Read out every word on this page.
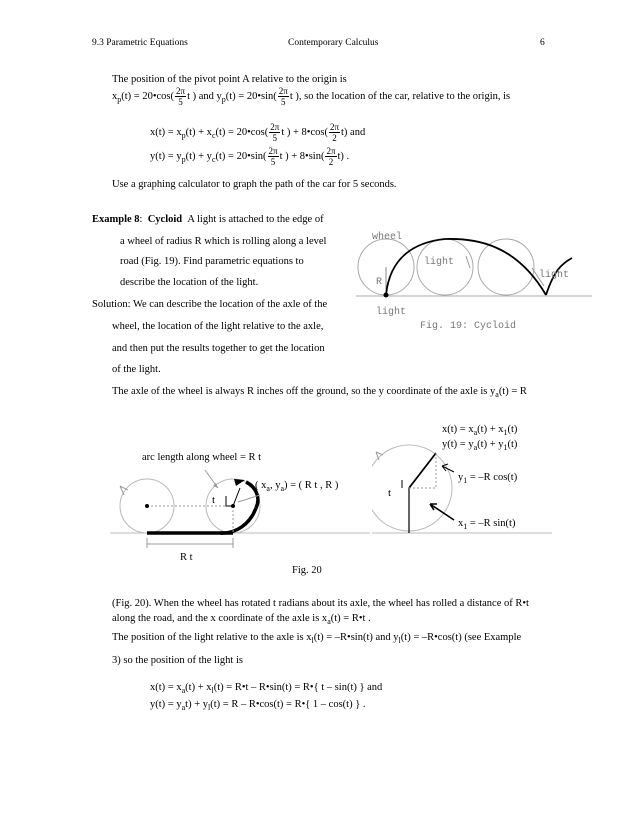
9.3 Parametric Equations	Contemporary Calculus	6
The position of the pivot point A relative to the origin is
$x_p(t)$ = 20•cos( $\frac{2\pi}{5}$ t ) and $y_p(t)$ = 20•sin( $\frac{2\pi}{5}$ t ), so the location of the car, relative to the origin, is
$x(t) = x_p(t) + x_c(t)$ = 20•cos( $\frac{2\pi}{5}$ t ) + 8•cos( $\frac{2\pi}{2} t$) and
$y(t) = y_p(t) + y_c(t)$ = 20•sin( $\frac{2\pi}{5}$ t ) + 8•sin( $\frac{2\pi}{2} t$) .
Use a graphing calculator to graph the path of the car for 5 seconds.
Example 8: Cycloid A light is attached to the edge of
a wheel of radius R which is rolling along a level
road (Fig. 19). Find parametric equations to
describe the location of the light.
wheel
light
light
R
light
Fig. 19: Cycloid
Solution: We can describe the location of the axle of the
wheel, the location of the light relative to the axle,
and then put the results together to get the location
of the light.
The axle of the wheel is always R inches off the ground, so the y coordinate of the axle is $y_a(t) = R$
arc length along wheel = R t
( $x_a$, $y_a$) = ( R t , R )
t
R t
t
$y_1 = -R$ cos(t)
$x_1 = -R$ sin(t)
$x(t) = x_a(t) + x_1(t)$
$y(t) = y_a(t) + y_1(t)$
Fig. 20
(Fig. 20). When the wheel has rotated t radians about its axle, the wheel has rolled a distance of R•t
along the road, and the x coordinate of the axle is $x_a(t)$ = R•t .
The position of the light relative to the axle is $x_l(t)$ = –R•sin(t) and $y_l(t)$ = –R•cos(t) (see Example
3) so the position of the light is
$x(t) = x_a(t) + x_l(t)$ = R•t – R•sin(t) = R•{ t – sin(t) } and
$y(t) = y_at) + y_l(t) = R$ – R•cos(t) = R•{ 1 – cos(t) } .
